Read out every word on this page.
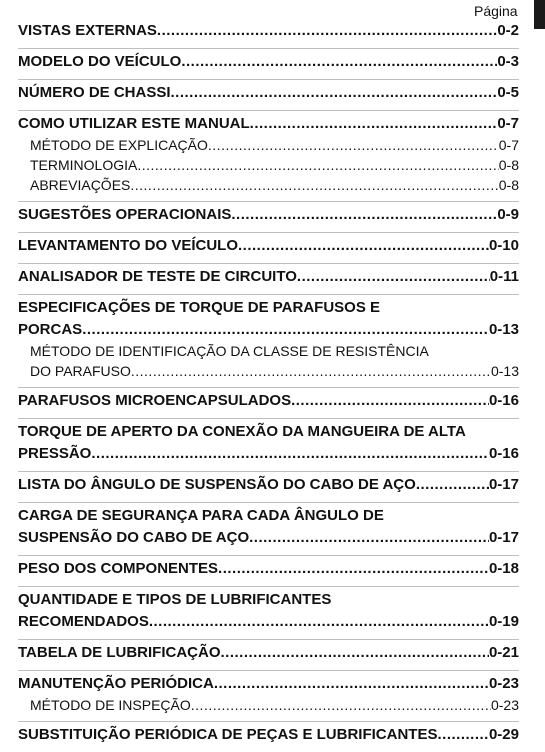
Página
VISTAS EXTERNAS .....	0-2
MODELO DO VEÍCULO .....	0-3
NÚMERO DE CHASSI .....	0-5
COMO UTILIZAR ESTE MANUAL .....	0-7
MÉTODO DE EXPLICAÇÃO .....	0-7
TERMINOLOGIA .....	0-8
ABREVIAÇÕES .....	0-8
SUGESTÕES OPERACIONAIS .....	0-9
LEVANTAMENTO DO VEÍCULO .....	0-10
ANALISADOR DE TESTE DE CIRCUITO .....	0-11
ESPECIFICAÇÕES DE TORQUE DE PARAFUSOS E
PORCAS .....	0-13
MÉTODO DE IDENTIFICAÇÃO DA CLASSE DE RESISTÊNCIA
DO PARAFUSO .....	0-13
PARAFUSOS MICROENCAPSULADOS .....	0-16
TORQUE DE APERTO DA CONEXÃO DA MANGUEIRA DE ALTA
PRESSÃO .....	0-16
LISTA DO ÂNGULO DE SUSPENSÃO DO CABO DE AÇO .....	0-17
CARGA DE SEGURANÇA PARA CADA ÂNGULO DE
SUSPENSÃO DO CABO DE AÇO .....	0-17
PESO DOS COMPONENTES .....	0-18
QUANTIDADE E TIPOS DE LUBRIFICANTES
RECOMENDADOS .....	0-19
TABELA DE LUBRIFICAÇÃO .....	0-21
MANUTENÇÃO PERIÓDICA .....	0-23
MÉTODO DE INSPEÇÃO .....	0-23
SUBSTITUIÇÃO PERIÓDICA DE PEÇAS E LUBRIFICANTES .....	0-29
